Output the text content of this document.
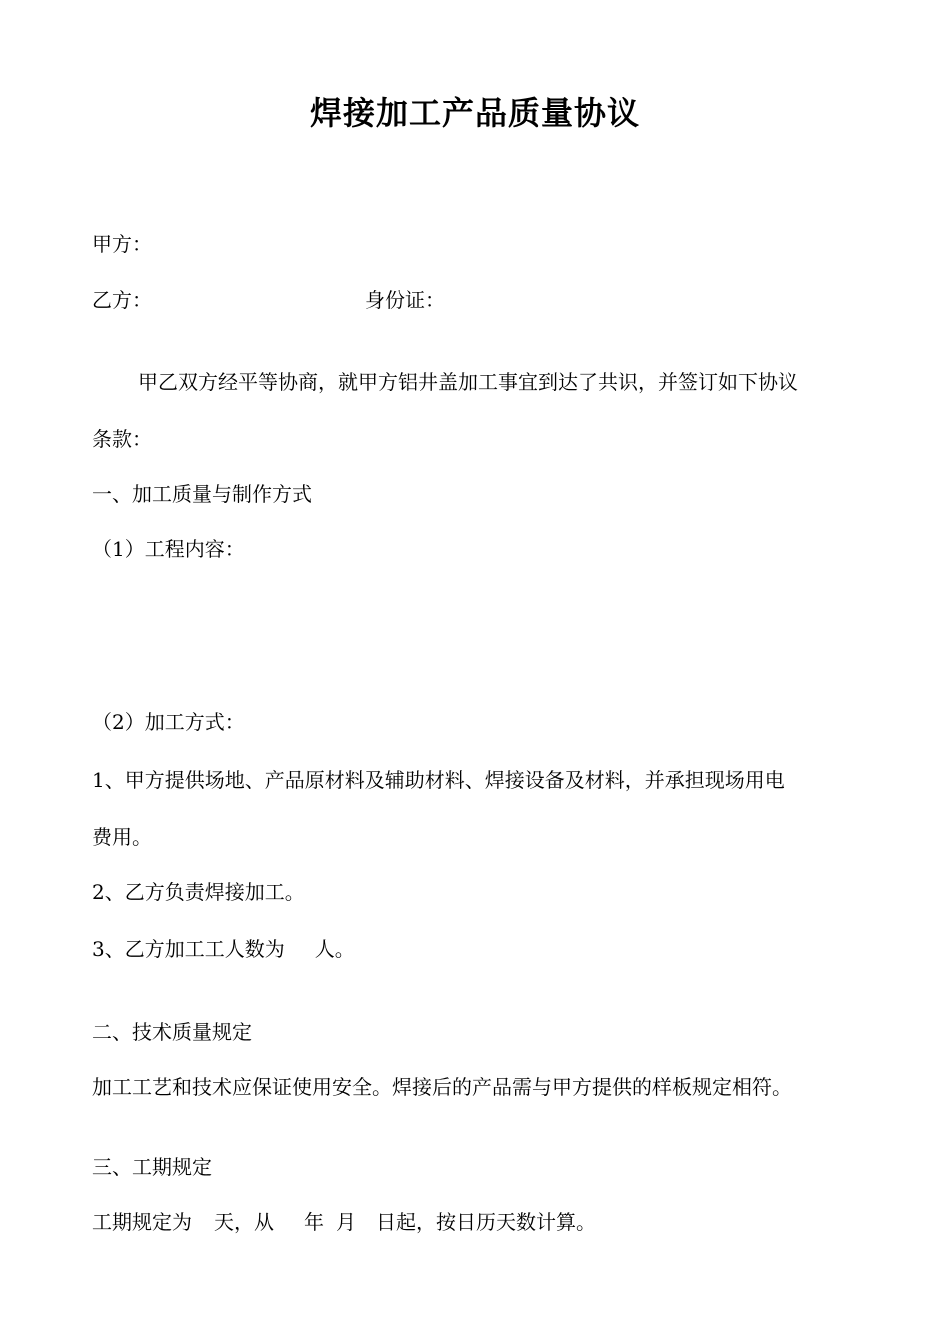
焊接加工产品质量协议
甲方：
乙方：	身份证：
甲乙双方经平等协商，就甲方铝井盖加工事宜到达了共识，并签订如下协议
条款：
一、加工质量与制作方式
（1）工程内容：
（2）加工方式：
1、甲方提供场地、产品原材料及辅助材料、焊接设备及材料，并承担现场用电
费用。
2、乙方负责焊接加工。
3、乙方加工工人数为 人。
二、技术质量规定
加工工艺和技术应保证使用安全。焊接后的产品需与甲方提供的样板规定相符。
三、工期规定
工期规定为 天，从 年 月 日起，按日历天数计算。
